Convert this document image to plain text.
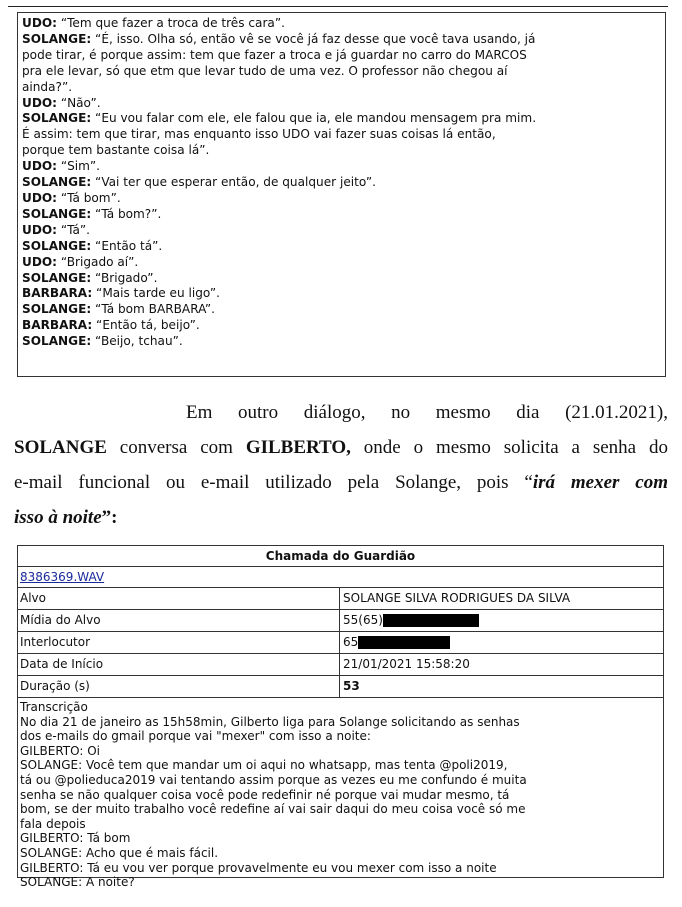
UDO: “Tem que fazer a troca de três cara”.
SOLANGE: “É, isso. Olha só, então vê se você já faz desse que você tava usando, já
pode tirar, é porque assim: tem que fazer a troca e já guardar no carro do MARCOS
pra ele levar, só que etm que levar tudo de uma vez. O professor não chegou aí
ainda?”.
UDO: “Não”.
SOLANGE: “Eu vou falar com ele, ele falou que ia, ele mandou mensagem pra mim.
É assim: tem que tirar, mas enquanto isso UDO vai fazer suas coisas lá então,
porque tem bastante coisa lá”.
UDO: “Sim”.
SOLANGE: “Vai ter que esperar então, de qualquer jeito”.
UDO: “Tá bom”.
SOLANGE: “Tá bom?”.
UDO: “Tá”.
SOLANGE: “Então tá”.
UDO: “Brigado aí”.
SOLANGE: “Brigado”.
BARBARA: “Mais tarde eu ligo”.
SOLANGE: “Tá bom BARBARA”.
BARBARA: “Então tá, beijo”.
SOLANGE: “Beijo, tchau”.

Em outro diálogo, no mesmo dia (21.01.2021),

SOLANGE conversa com GILBERTO, onde o mesmo solicita a senha do

e-mail funcional ou e-mail utilizado pela Solange, pois “irá mexer com

isso à noite”:

Chamada do Guardião
8386369.WAV
Alvo	SOLANGE SILVA RODRIGUES DA SILVA
Mídia do Alvo	55(65)
Interlocutor	65
Data de Início	21/01/2021 15:58:20
Duração (s)	53
Transcrição
No dia 21 de janeiro as 15h58min, Gilberto liga para Solange solicitando as senhas
dos e-mails do gmail porque vai "mexer" com isso a noite:
GILBERTO: Oi
SOLANGE: Você tem que mandar um oi aqui no whatsapp, mas tenta @poli2019,
tá ou @polieduca2019 vai tentando assim porque as vezes eu me confundo é muita
senha se não qualquer coisa você pode redefinir né porque vai mudar mesmo, tá
bom, se der muito trabalho você redefine aí vai sair daqui do meu coisa você só me
fala depois
GILBERTO: Tá bom
SOLANGE: Acho que é mais fácil.
GILBERTO: Tá eu vou ver porque provavelmente eu vou mexer com isso a noite
SOLANGE: A noite?
